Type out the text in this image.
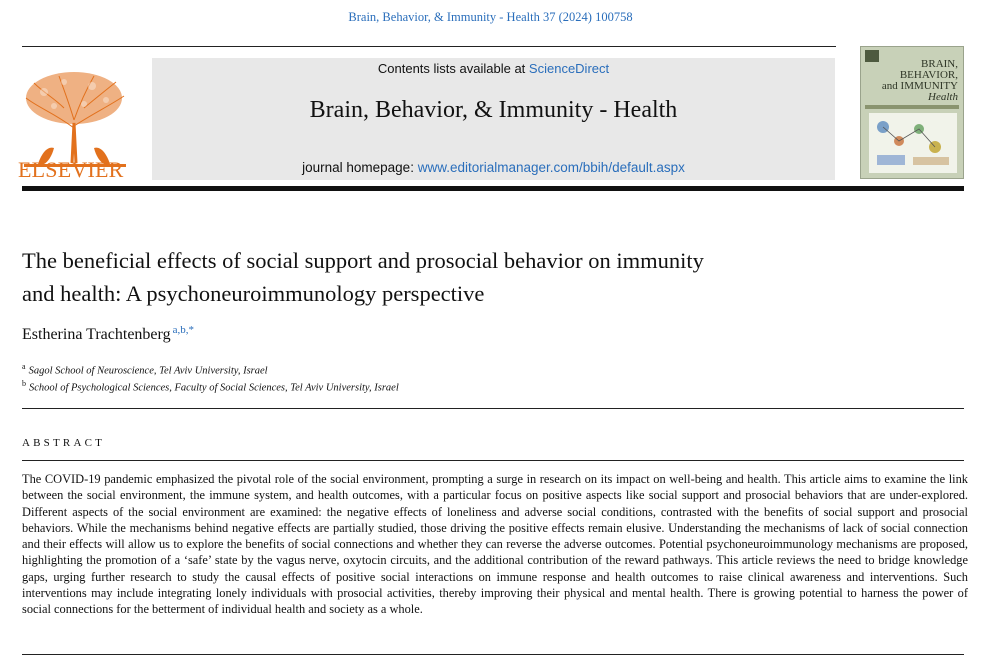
Brain, Behavior, & Immunity - Health 37 (2024) 100758
ELSEVIER
Contents lists available at ScienceDirect
Brain, Behavior, & Immunity - Health
journal homepage: www.editorialmanager.com/bbih/default.aspx
BRAIN,
BEHAVIOR,
and IMMUNITY
Health
The beneficial effects of social support and prosocial behavior on immunity
and health: A psychoneuroimmunology perspective
Estherina Trachtenberg $^{a,b,*}$
$^a$ Sagol School of Neuroscience, Tel Aviv University, Israel
$^b$ School of Psychological Sciences, Faculty of Social Sciences, Tel Aviv University, Israel
ABSTRACT
The COVID-19 pandemic emphasized the pivotal role of the social environment, prompting a surge in research on its impact on well-being and health. This article aims to examine the link between the social environment, the immune system, and health outcomes, with a particular focus on positive aspects like social support and prosocial behaviors that are under-explored. Different aspects of the social environment are examined: the negative effects of loneliness and adverse social conditions, contrasted with the benefits of social support and prosocial behaviors. While the mechanisms behind negative effects are partially studied, those driving the positive effects remain elusive. Understanding the mechanisms of lack of social connection and their effects will allow us to explore the benefits of social connections and whether they can reverse the adverse outcomes. Potential psychoneuroimmunology mechanisms are proposed, highlighting the promotion of a ‘safe’ state by the vagus nerve, oxytocin circuits, and the additional contribution of the reward pathways. This article reviews the need to bridge knowledge gaps, urging further research to study the causal effects of positive social interactions on immune response and health outcomes to raise clinical awareness and interventions. Such interventions may include integrating lonely individuals with prosocial activities, thereby improving their physical and mental health. There is growing potential to harness the power of social connections for the betterment of individual health and society as a whole.
